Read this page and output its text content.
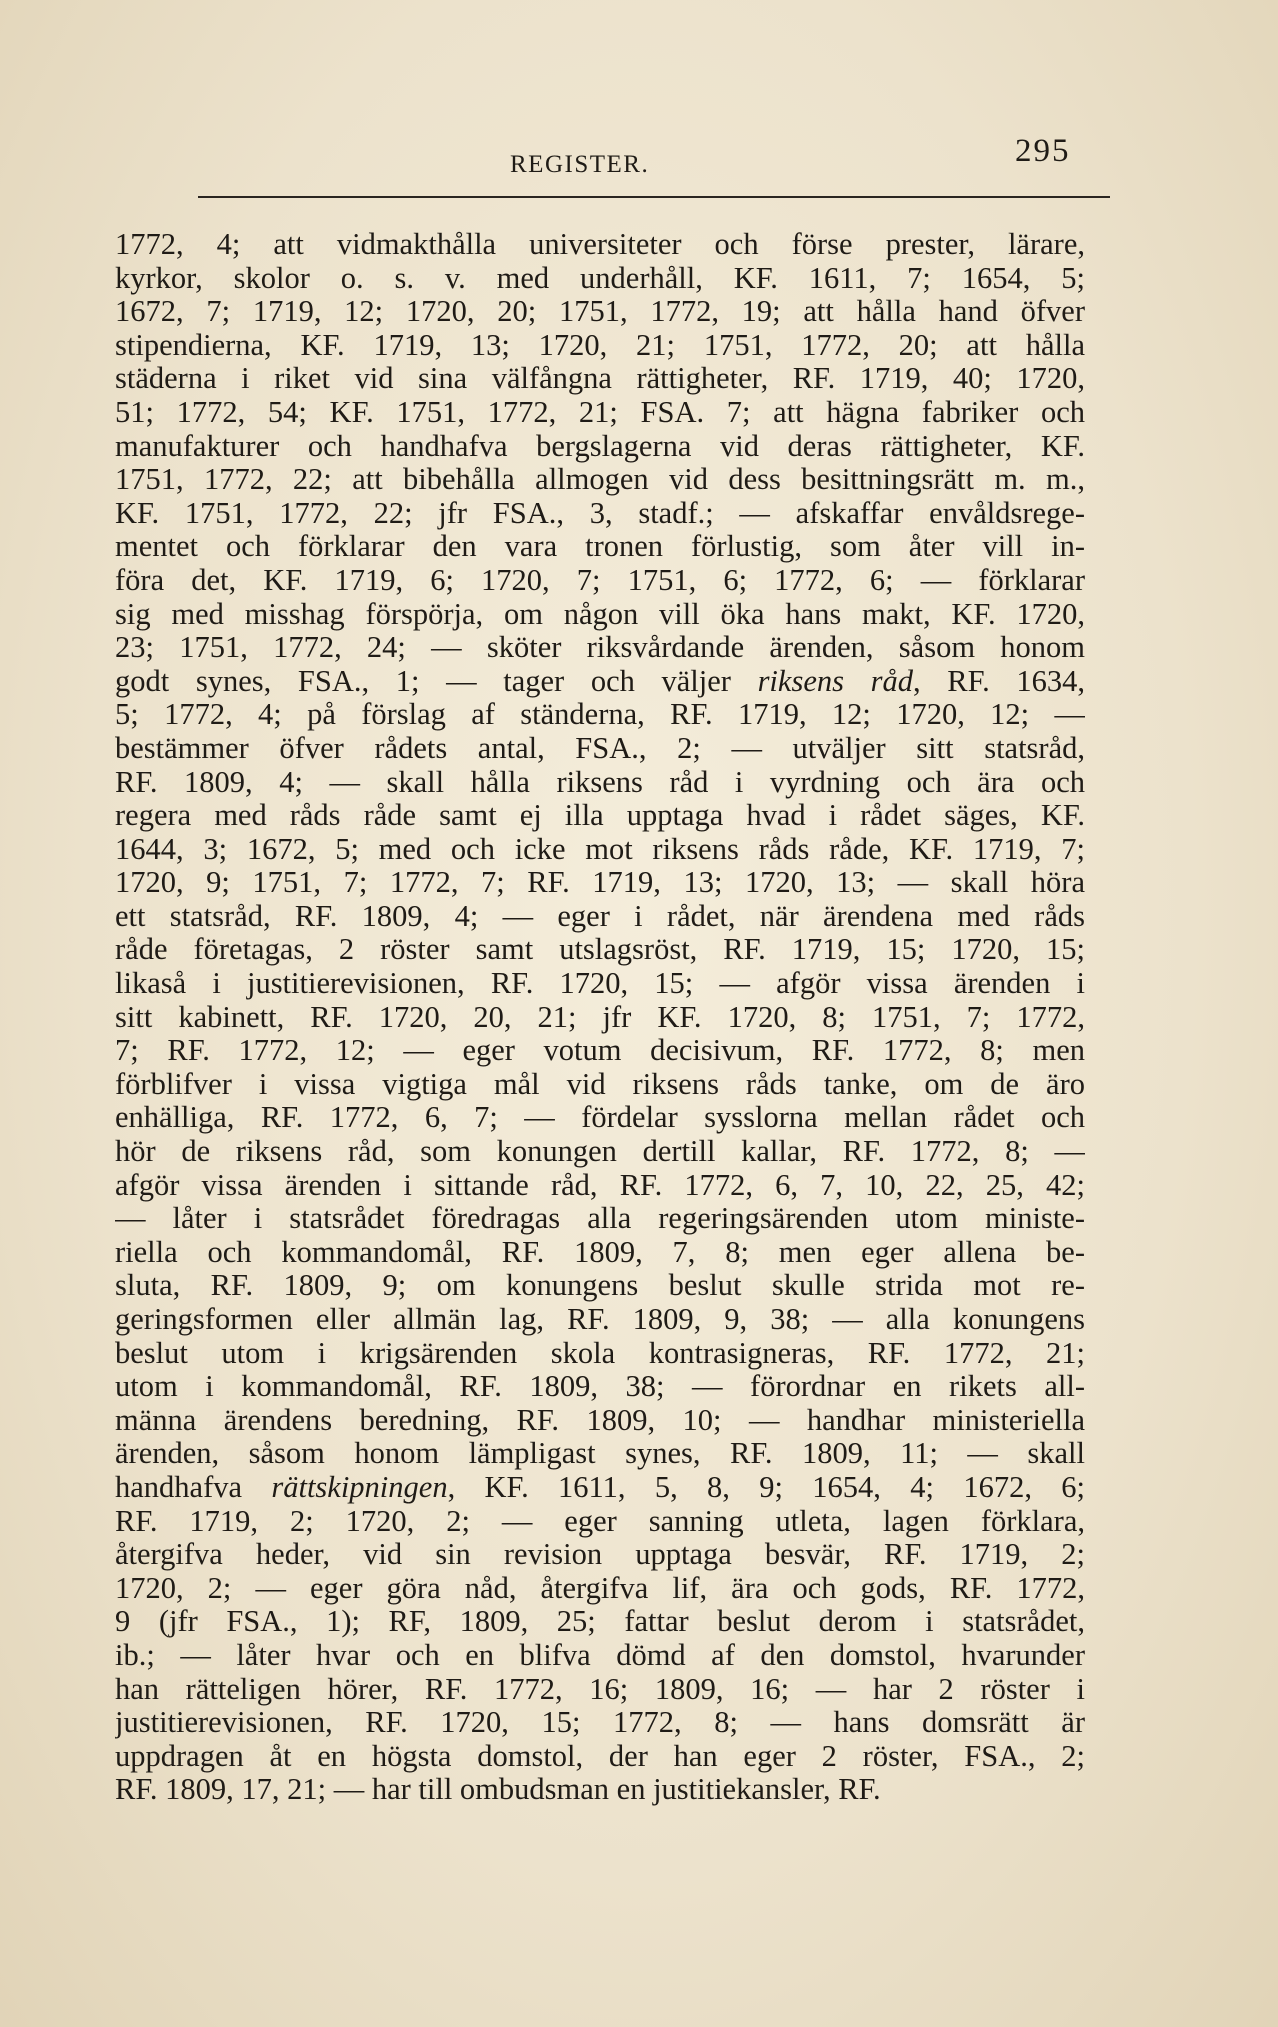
REGISTER.	295
1772, 4; att vidmakthålla universiteter och förse prester, lärare,
kyrkor, skolor o. s. v. med underhåll, KF. 1611, 7; 1654, 5;
1672, 7; 1719, 12; 1720, 20; 1751, 1772, 19; att hålla hand öfver
stipendierna, KF. 1719, 13; 1720, 21; 1751, 1772, 20; att hålla
städerna i riket vid sina välfångna rättigheter, RF. 1719, 40; 1720,
51; 1772, 54; KF. 1751, 1772, 21; FSA. 7; att hägna fabriker och
manufakturer och handhafva bergslagerna vid deras rättigheter, KF.
1751, 1772, 22; att bibehålla allmogen vid dess besittningsrätt m. m.,
KF. 1751, 1772, 22; jfr FSA., 3, stadf.; — afskaffar envåldsrege-
mentet och förklarar den vara tronen förlustig, som åter vill in-
föra det, KF. 1719, 6; 1720, 7; 1751, 6; 1772, 6; — förklarar
sig med misshag förspörja, om någon vill öka hans makt, KF. 1720,
23; 1751, 1772, 24; — sköter riksvårdande ärenden, såsom honom
godt synes, FSA., 1; — tager och väljer riksens råd, RF. 1634,
5; 1772, 4; på förslag af ständerna, RF. 1719, 12; 1720, 12; —
bestämmer öfver rådets antal, FSA., 2; — utväljer sitt statsråd,
RF. 1809, 4; — skall hålla riksens råd i vyrdning och ära och
regera med råds råde samt ej illa upptaga hvad i rådet säges, KF.
1644, 3; 1672, 5; med och icke mot riksens råds råde, KF. 1719, 7;
1720, 9; 1751, 7; 1772, 7; RF. 1719, 13; 1720, 13; — skall höra
ett statsråd, RF. 1809, 4; — eger i rådet, när ärendena med råds
råde företagas, 2 röster samt utslagsröst, RF. 1719, 15; 1720, 15;
likaså i justitierevisionen, RF. 1720, 15; — afgör vissa ärenden i
sitt kabinett, RF. 1720, 20, 21; jfr KF. 1720, 8; 1751, 7; 1772,
7; RF. 1772, 12; — eger votum decisivum, RF. 1772, 8; men
förblifver i vissa vigtiga mål vid riksens råds tanke, om de äro
enhälliga, RF. 1772, 6, 7; — fördelar sysslorna mellan rådet och
hör de riksens råd, som konungen dertill kallar, RF. 1772, 8; —
afgör vissa ärenden i sittande råd, RF. 1772, 6, 7, 10, 22, 25, 42;
— låter i statsrådet föredragas alla regeringsärenden utom ministe-
riella och kommandomål, RF. 1809, 7, 8; men eger allena be-
sluta, RF. 1809, 9; om konungens beslut skulle strida mot re-
geringsformen eller allmän lag, RF. 1809, 9, 38; — alla konungens
beslut utom i krigsärenden skola kontrasigneras, RF. 1772, 21;
utom i kommandomål, RF. 1809, 38; — förordnar en rikets all-
männa ärendens beredning, RF. 1809, 10; — handhar ministeriella
ärenden, såsom honom lämpligast synes, RF. 1809, 11; — skall
handhafva rättskipningen, KF. 1611, 5, 8, 9; 1654, 4; 1672, 6;
RF. 1719, 2; 1720, 2; — eger sanning utleta, lagen förklara,
återgifva heder, vid sin revision upptaga besvär, RF. 1719, 2;
1720, 2; — eger göra nåd, återgifva lif, ära och gods, RF. 1772,
9 (jfr FSA., 1); RF, 1809, 25; fattar beslut derom i statsrådet,
ib.; — låter hvar och en blifva dömd af den domstol, hvarunder
han rätteligen hörer, RF. 1772, 16; 1809, 16; — har 2 röster i
justitierevisionen, RF. 1720, 15; 1772, 8; — hans domsrätt är
uppdragen åt en högsta domstol, der han eger 2 röster, FSA., 2;
RF. 1809, 17, 21; — har till ombudsman en justitiekansler, RF.
